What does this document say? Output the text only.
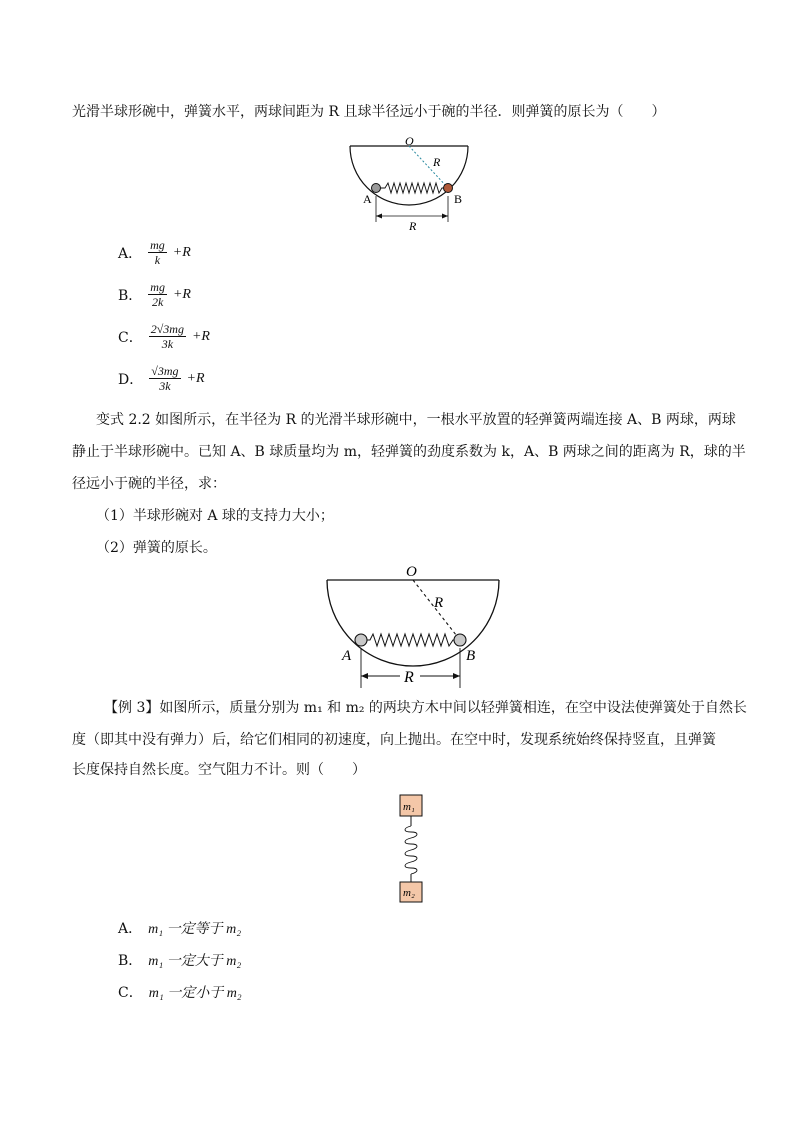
光滑半球形碗中，弹簧水平，两球间距为 R 且球半径远小于碗的半径．则弹簧的原长为（　　）
O
R
A	B
R
A． $\frac{mg}{k} +R$
B． $\frac{mg}{2k} +R$
C． $\frac{2√3mg}{3k} +R$
D． $\frac{√3mg}{3k} +R$
变式 2.2 如图所示，在半径为 R 的光滑半球形碗中，一根水平放置的轻弹簧两端连接 A、B 两球，两球
静止于半球形碗中。已知 A、B 球质量均为 m，轻弹簧的劲度系数为 k，A、B 两球之间的距离为 R，球的半
径远小于碗的半径，求：
（1）半球形碗对 A 球的支持力大小；
（2）弹簧的原长。
O
R
A	B
R
【例 3】如图所示，质量分别为 m₁ 和 m₂ 的两块方木中间以轻弹簧相连，在空中设法使弹簧处于自然长
度（即其中没有弹力）后，给它们相同的初速度，向上抛出。在空中时，发现系统始终保持竖直，且弹簧
长度保持自然长度。空气阻力不计。则（　　）
m₁
m₂
A． m₁ 一定等于 m₂
B． m₁ 一定大于 m₂
C． m₁ 一定小于 m₂
